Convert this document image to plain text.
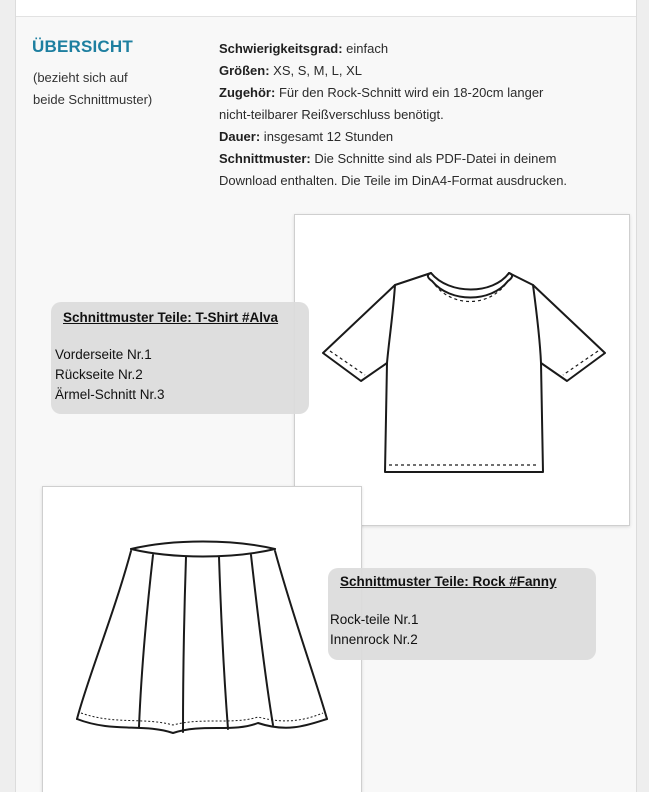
ÜBERSICHT
(bezieht sich auf
beide Schnittmuster)

Schwierigkeitsgrad: einfach

Größen: XS, S, M, L, XL

Zugehör: Für den Rock-Schnitt wird ein 18-20cm langer

nicht-teilbarer Reißverschluss benötigt.

Dauer: insgesamt 12 Stunden

Schnittmuster: Die Schnitte sind als PDF-Datei in deinem

Download enthalten. Die Teile im DinA4-Format ausdrucken.

Schnittmuster Teile: T-Shirt #Alva
Vorderseite Nr.1
Rückseite Nr.2
Ärmel-Schnitt Nr.3
Schnittmuster Teile: Rock #Fanny
Rock-teile Nr.1
Innenrock Nr.2
